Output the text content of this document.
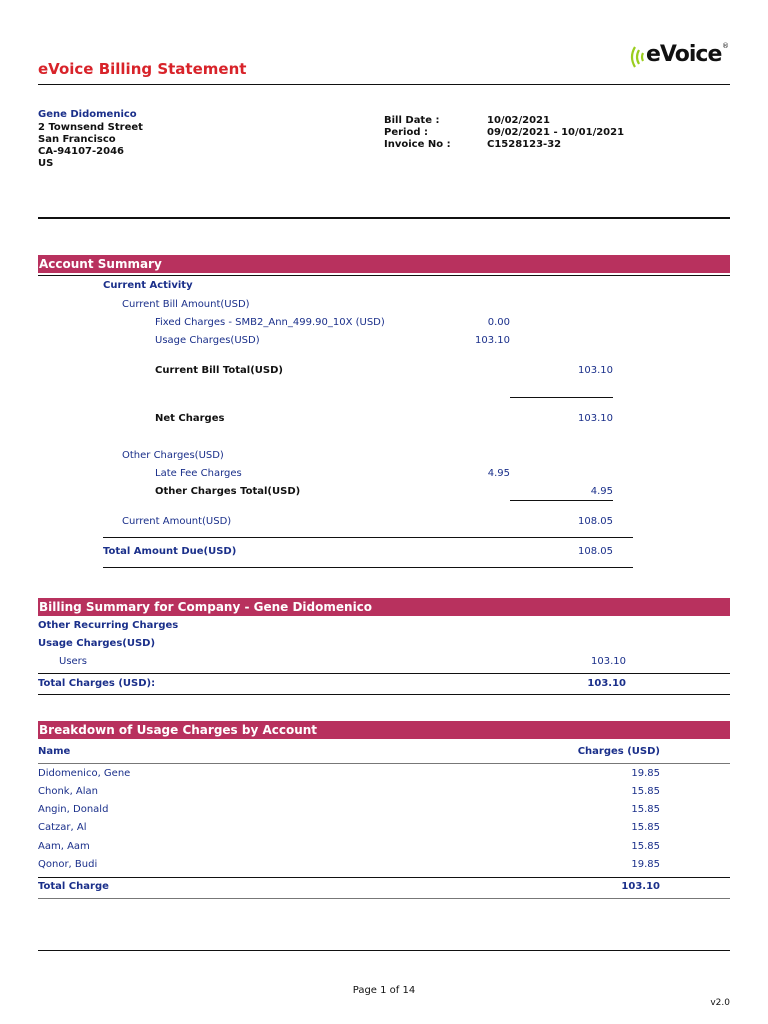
eVoice Billing Statement
eVoice ®
Gene Didomenico
2 Townsend Street
San Francisco
CA-94107-2046
US
Bill Date :	10/02/2021
Period :	09/02/2021 - 10/01/2021
Invoice No :	C1528123-32
Account Summary
Current Activity
Current Bill Amount(USD)
Fixed Charges - SMB2_Ann_499.90_10X (USD)	0.00
Usage Charges(USD)	103.10
Current Bill Total(USD)	103.10
Net Charges	103.10
Other Charges(USD)
Late Fee Charges	4.95
Other Charges Total(USD)	4.95
Current Amount(USD)	108.05
Total Amount Due(USD)	108.05
Billing Summary for Company - Gene Didomenico
Other Recurring Charges
Usage Charges(USD)
Users	103.10
Total Charges (USD):	103.10
Breakdown of Usage Charges by Account
Name	Charges (USD)
Didomenico, Gene	19.85
Chonk, Alan	15.85
Angin, Donald	15.85
Catzar, Al	15.85
Aam, Aam	15.85
Qonor, Budi	19.85
Total Charge	103.10
Page 1 of 14
v2.0
